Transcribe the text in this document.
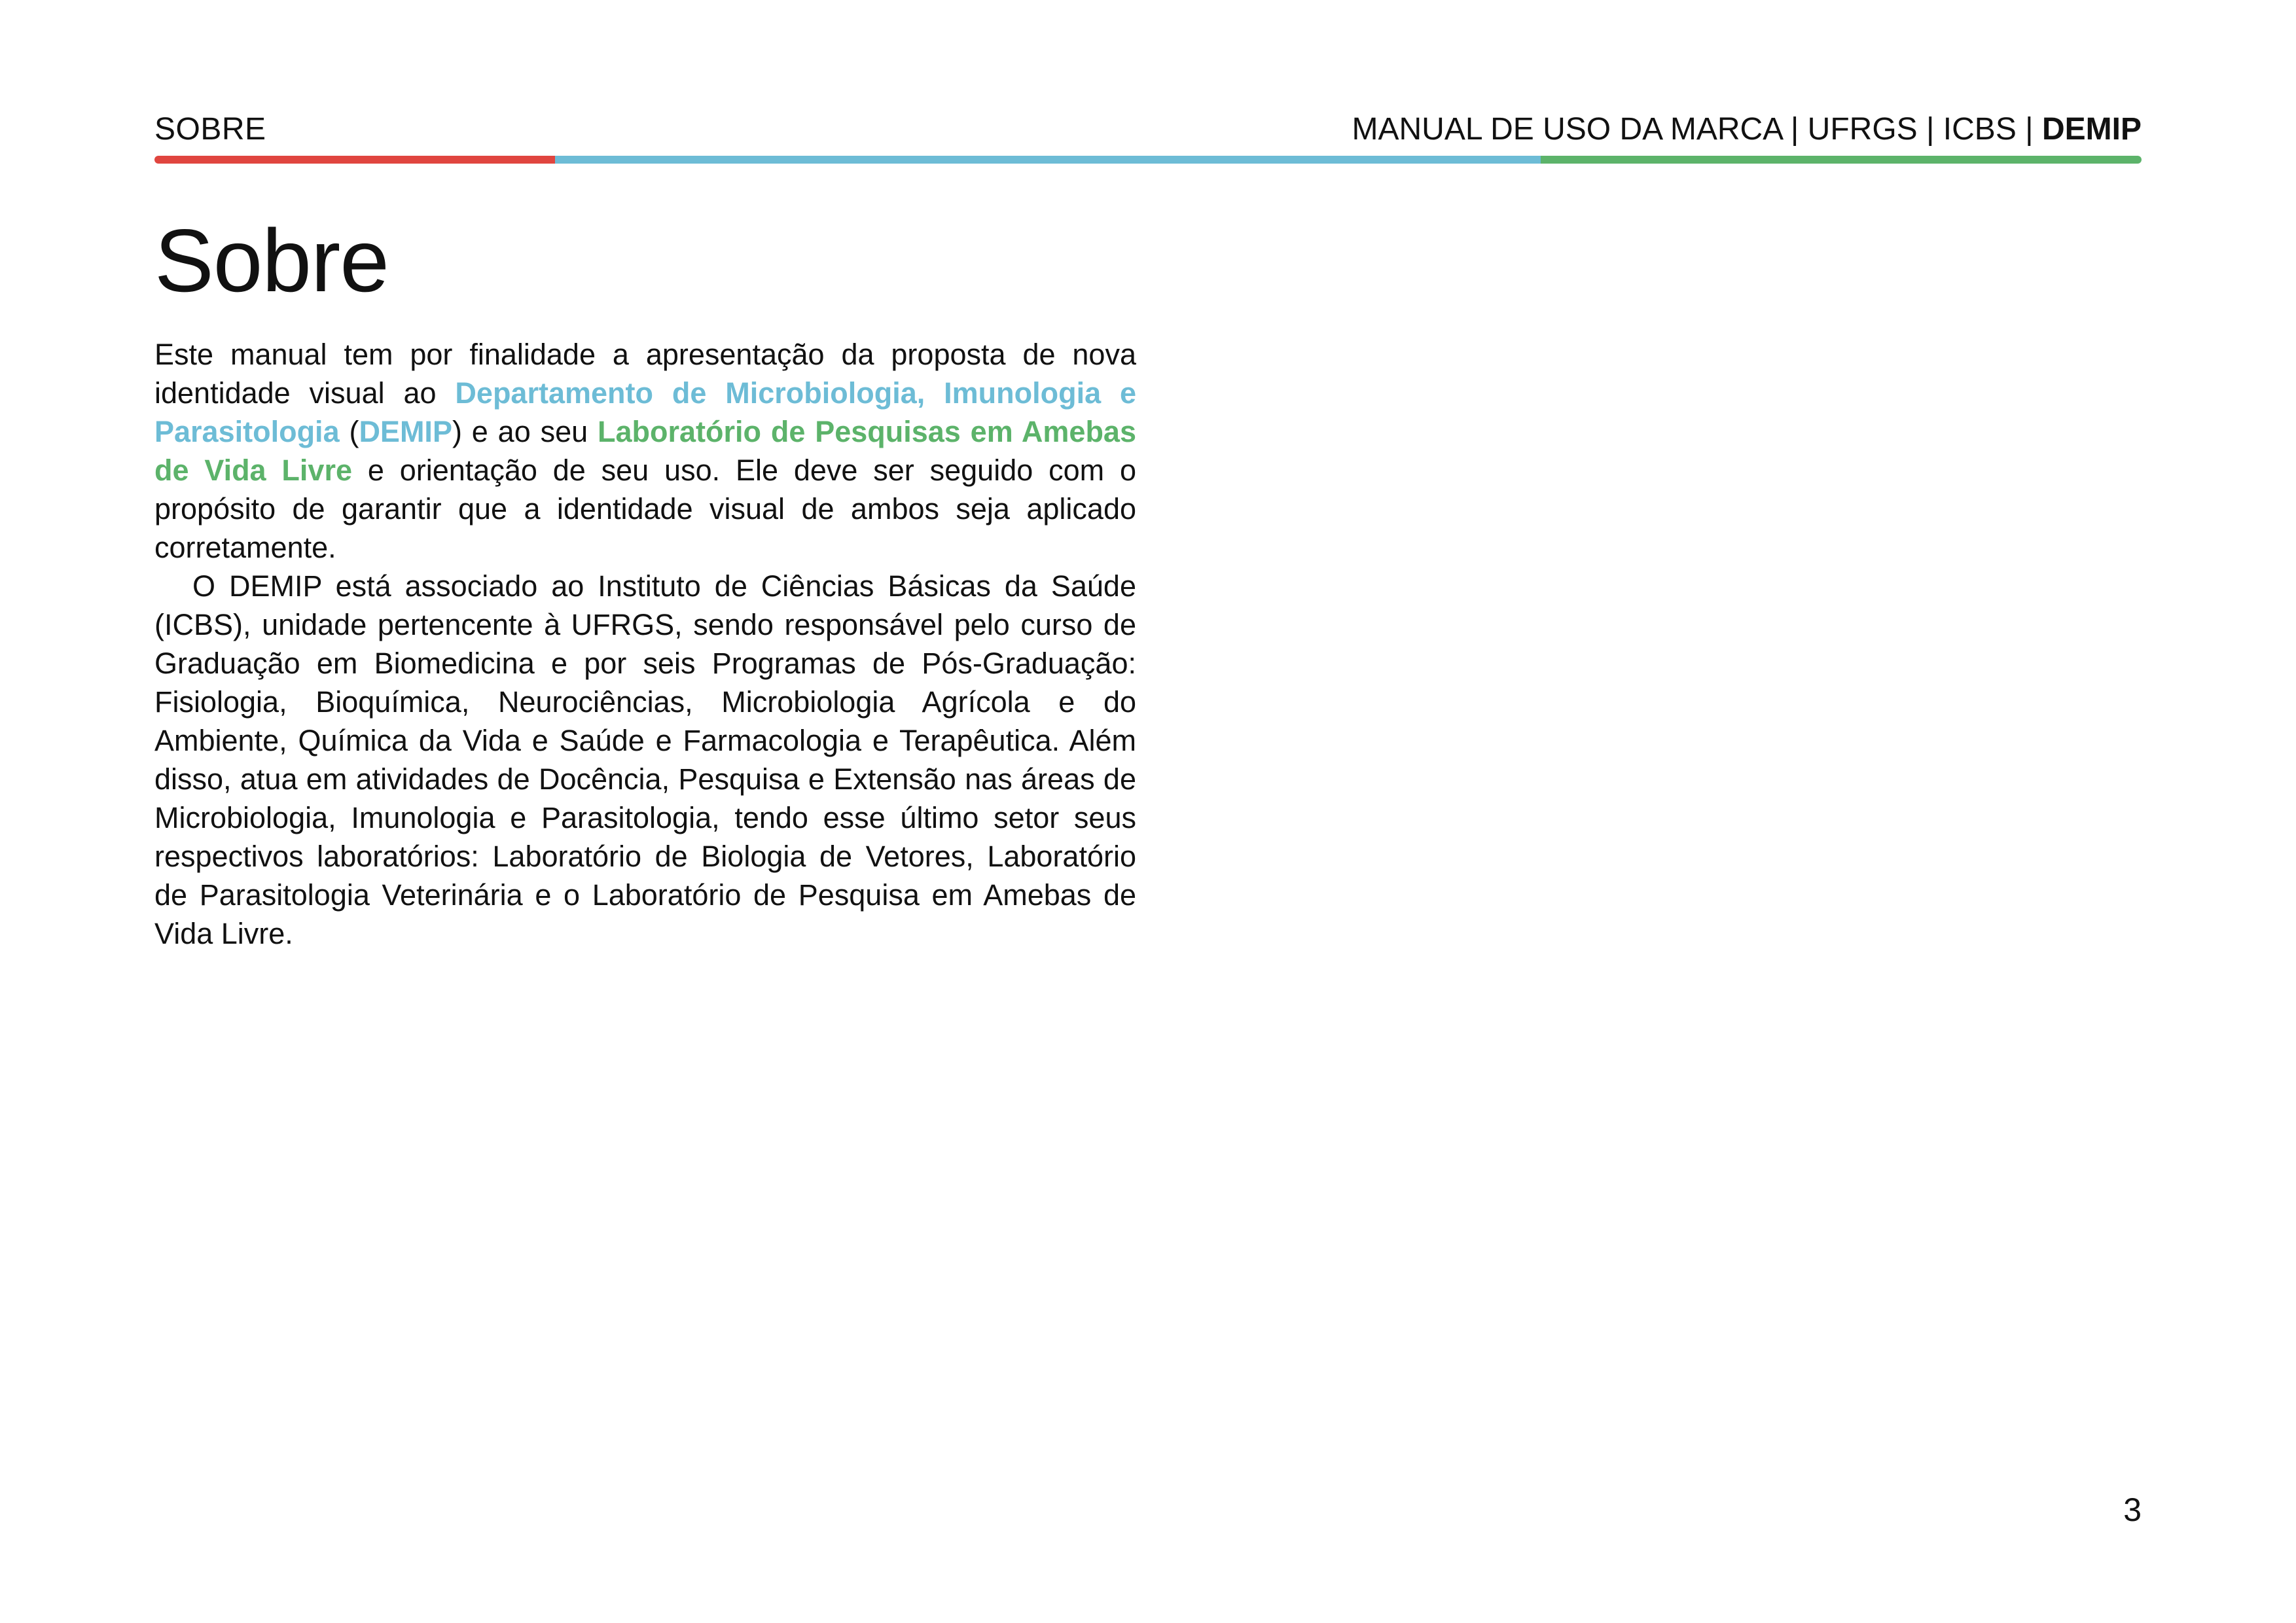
SOBRE	MANUAL DE USO DA MARCA | UFRGS | ICBS | DEMIP
Sobre

Este manual tem por finalidade a apresentação da proposta de nova identidade visual ao Departamento de Microbiologia, Imunologia e Parasitologia (DEMIP) e ao seu Laboratório de Pesquisas em Amebas de Vida Livre e orientação de seu uso. Ele deve ser seguido com o propósito de garantir que a identidade visual de ambos seja aplicado corretamente.

O DEMIP está associado ao Instituto de Ciências Básicas da Saúde (ICBS), unidade pertencente à UFRGS, sendo responsável pelo curso de Graduação em Biomedicina e por seis Programas de Pós-Graduação: Fisiologia, Bioquímica, Neurociências, Microbiologia Agrícola e do Ambiente, Química da Vida e Saúde e Farmacologia e Terapêutica. Além disso, atua em atividades de Docência, Pesquisa e Extensão nas áreas de Microbiologia, Imunologia e Parasitologia, tendo esse último setor seus respectivos laboratórios: Laboratório de Biologia de Vetores, Laboratório de Parasitologia Veterinária e o Laboratório de Pesquisa em Amebas de Vida Livre.

3
